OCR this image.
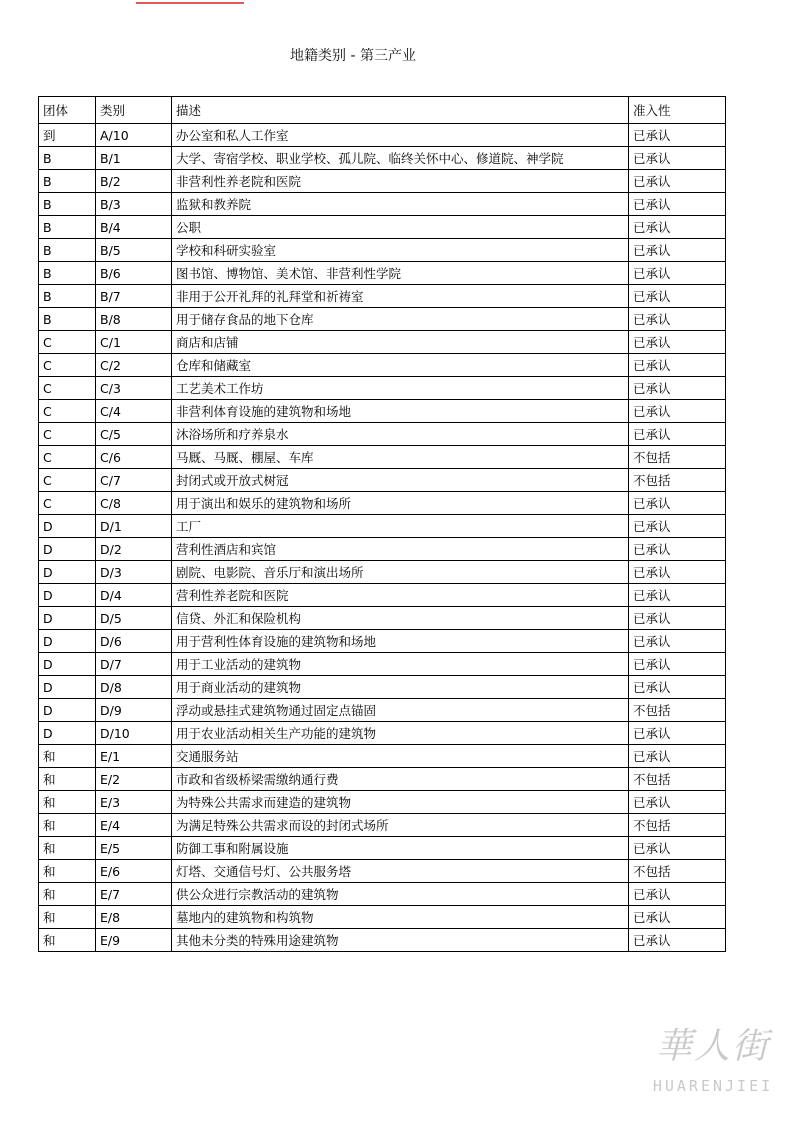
地籍类别 - 第三产业
团体	类别	描述	准入性
到	A/10	办公室和私人工作室	已承认
B	B/1	大学、寄宿学校、职业学校、孤儿院、临终关怀中心、修道院、神学院	已承认
B	B/2	非营利性养老院和医院	已承认
B	B/3	监狱和教养院	已承认
B	B/4	公职	已承认
B	B/5	学校和科研实验室	已承认
B	B/6	图书馆、博物馆、美术馆、非营利性学院	已承认
B	B/7	非用于公开礼拜的礼拜堂和祈祷室	已承认
B	B/8	用于储存食品的地下仓库	已承认
C	C/1	商店和店铺	已承认
C	C/2	仓库和储藏室	已承认
C	C/3	工艺美术工作坊	已承认
C	C/4	非营利体育设施的建筑物和场地	已承认
C	C/5	沐浴场所和疗养泉水	已承认
C	C/6	马厩、马厩、棚屋、车库	不包括
C	C/7	封闭式或开放式树冠	不包括
C	C/8	用于演出和娱乐的建筑物和场所	已承认
D	D/1	工厂	已承认
D	D/2	营利性酒店和宾馆	已承认
D	D/3	剧院、电影院、音乐厅和演出场所	已承认
D	D/4	营利性养老院和医院	已承认
D	D/5	信贷、外汇和保险机构	已承认
D	D/6	用于营利性体育设施的建筑物和场地	已承认
D	D/7	用于工业活动的建筑物	已承认
D	D/8	用于商业活动的建筑物	已承认
D	D/9	浮动或悬挂式建筑物通过固定点锚固	不包括
D	D/10	用于农业活动相关生产功能的建筑物	已承认
和	E/1	交通服务站	已承认
和	E/2	市政和省级桥梁需缴纳通行费	不包括
和	E/3	为特殊公共需求而建造的建筑物	已承认
和	E/4	为满足特殊公共需求而设的封闭式场所	不包括
和	E/5	防御工事和附属设施	已承认
和	E/6	灯塔、交通信号灯、公共服务塔	不包括
和	E/7	供公众进行宗教活动的建筑物	已承认
和	E/8	墓地内的建筑物和构筑物	已承认
和	E/9	其他未分类的特殊用途建筑物	已承认
華人街
HUARENJIEI
